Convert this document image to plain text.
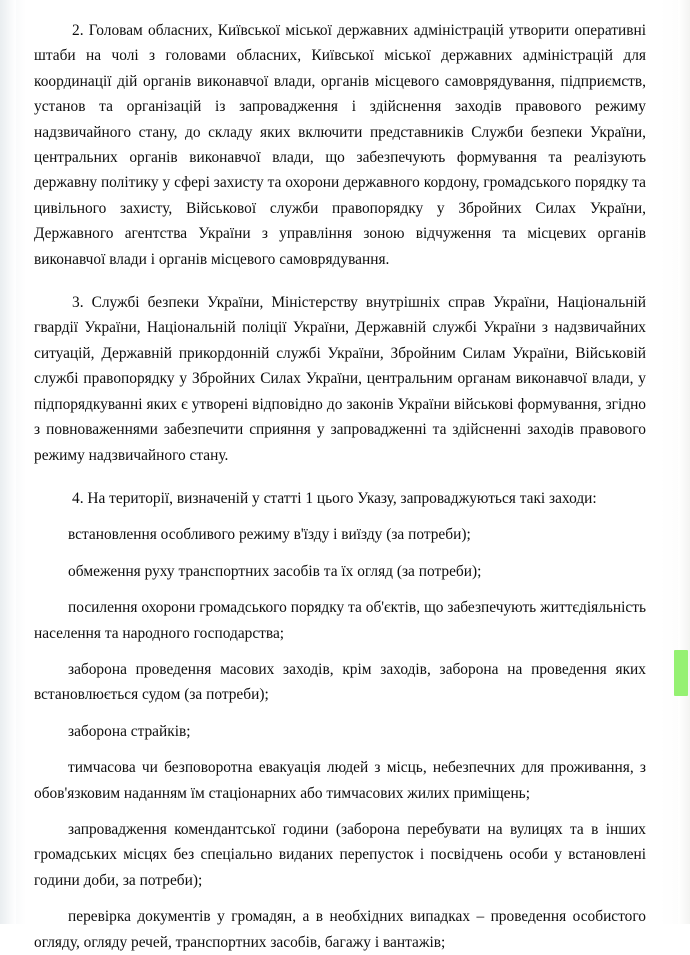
2. Головам обласних, Київської міської державних адміністрацій утворити оперативні штаби на чолі з головами обласних, Київської міської державних адміністрацій для координації дій органів виконавчої влади, органів місцевого самоврядування, підприємств, установ та організацій із запровадження і здійснення заходів правового режиму надзвичайного стану, до складу яких включити представників Служби безпеки України, центральних органів виконавчої влади, що забезпечують формування та реалізують державну політику у сфері захисту та охорони державного кордону, громадського порядку та цивільного захисту, Військової служби правопорядку у Збройних Силах України, Державного агентства України з управління зоною відчуження та місцевих органів виконавчої влади і органів місцевого самоврядування.

3. Службі безпеки України, Міністерству внутрішніх справ України, Національній гвардії України, Національній поліції України, Державній службі України з надзвичайних ситуацій, Державній прикордонній службі України, Збройним Силам України, Військовій службі правопорядку у Збройних Силах України, центральним органам виконавчої влади, у підпорядкуванні яких є утворені відповідно до законів України військові формування, згідно з повноваженнями забезпечити сприяння у запровадженні та здійсненні заходів правового режиму надзвичайного стану.

4. На території, визначеній у статті 1 цього Указу, запроваджуються такі заходи:

встановлення особливого режиму в'їзду і виїзду (за потреби);

обмеження руху транспортних засобів та їх огляд (за потреби);

посилення охорони громадського порядку та об'єктів, що забезпечують життєдіяльність населення та народного господарства;

заборона проведення масових заходів, крім заходів, заборона на проведення яких встановлюється судом (за потреби);

заборона страйків;

тимчасова чи безповоротна евакуація людей з місць, небезпечних для проживання, з обов'язковим наданням їм стаціонарних або тимчасових жилих приміщень;

запровадження комендантської години (заборона перебувати на вулицях та в інших громадських місцях без спеціально виданих перепусток і посвідчень особи у встановлені години доби, за потреби);

перевірка документів у громадян, а в необхідних випадках – проведення особистого огляду, огляду речей, транспортних засобів, багажу і вантажів;
